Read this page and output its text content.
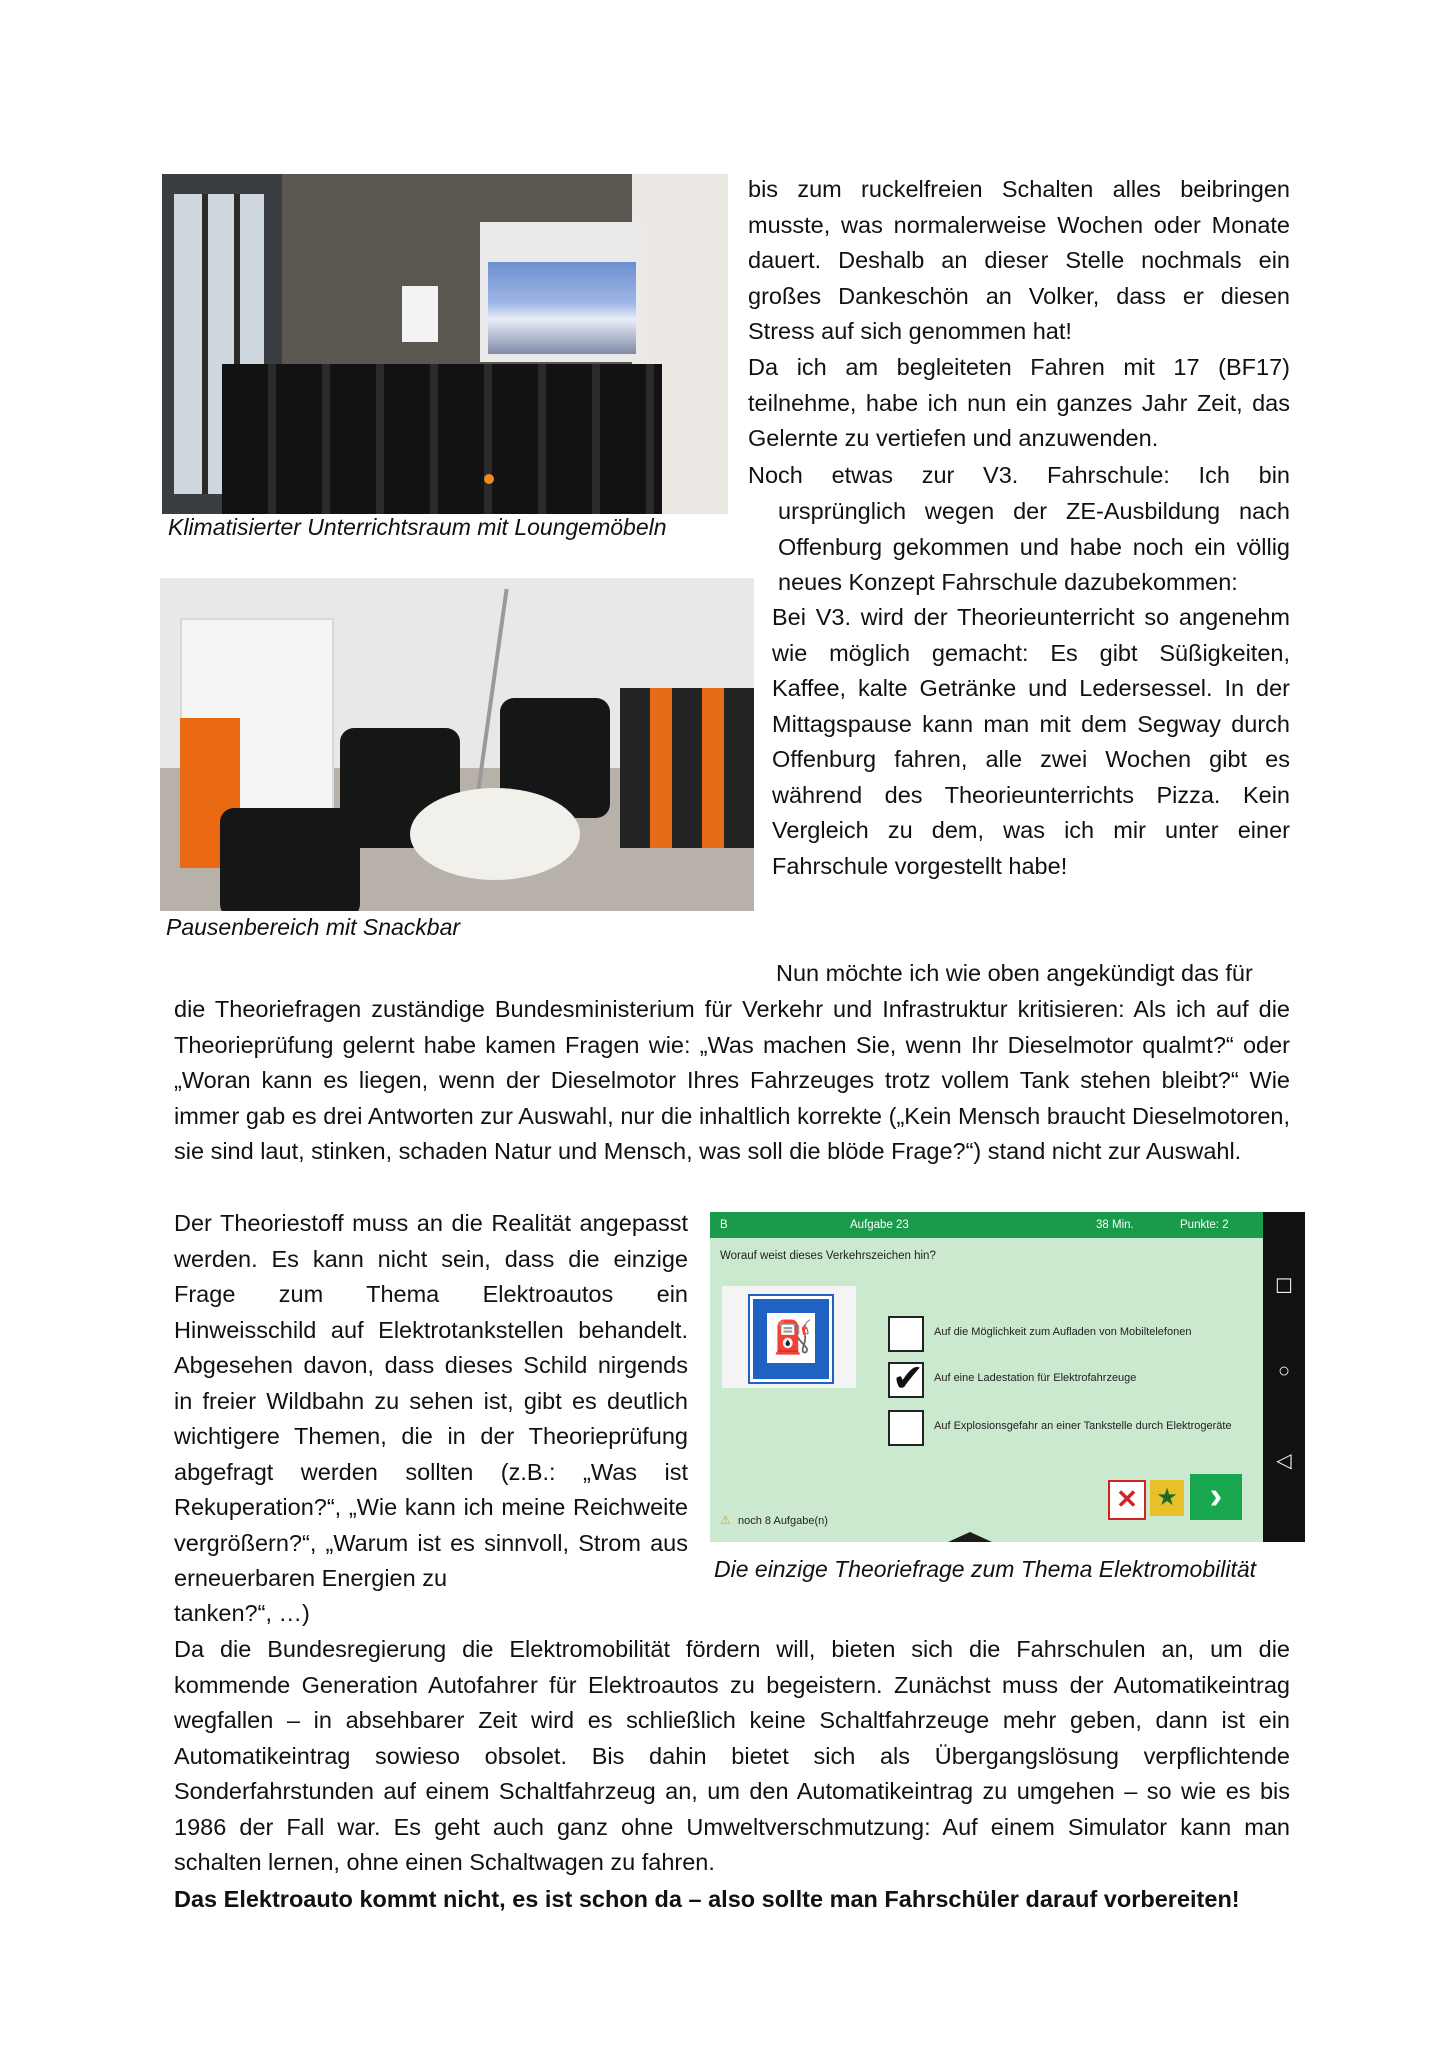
Klimatisierter Unterrichtsraum mit Loungemöbeln

Pausenbereich mit Snackbar

bis zum ruckelfreien Schalten alles beibringen musste, was normalerweise Wochen oder Monate dauert. Deshalb an dieser Stelle nochmals ein großes Dankeschön an Volker, dass er diesen Stress auf sich genommen hat!

Da ich am begleiteten Fahren mit 17 (BF17) teilnehme, habe ich nun ein ganzes Jahr Zeit, das Gelernte zu vertiefen und anzuwenden.

Noch etwas zur V3. Fahrschule: Ich bin

ursprünglich wegen der ZE-Ausbildung nach Offenburg gekommen und habe noch ein völlig neues Konzept Fahrschule dazubekommen:

Bei V3. wird der Theorieunterricht so angenehm wie möglich gemacht: Es gibt Süßigkeiten, Kaffee, kalte Getränke und Ledersessel. In der Mittagspause kann man mit dem Segway durch Offenburg fahren, alle zwei Wochen gibt es während des Theorieunterrichts Pizza. Kein Vergleich zu dem, was ich mir unter einer Fahrschule vorgestellt habe!

Nun möchte ich wie oben angekündigt das für

die Theoriefragen zuständige Bundesministerium für Verkehr und Infrastruktur kritisieren: Als ich auf die Theorieprüfung gelernt habe kamen Fragen wie: „Was machen Sie, wenn Ihr Dieselmotor qualmt?“ oder „Woran kann es liegen, wenn der Dieselmotor Ihres Fahrzeuges trotz vollem Tank stehen bleibt?“ Wie immer gab es drei Antworten zur Auswahl, nur die inhaltlich korrekte („Kein Mensch braucht Dieselmotoren, sie sind laut, stinken, schaden Natur und Mensch, was soll die blöde Frage?“) stand nicht zur Auswahl.

Der Theoriestoff muss an die Realität angepasst werden. Es kann nicht sein, dass die einzige Frage zum Thema Elektroautos ein Hinweisschild auf Elektrotankstellen behandelt. Abgesehen davon, dass dieses Schild nirgends in freier Wildbahn zu sehen ist, gibt es deutlich wichtigere Themen, die in der Theorieprüfung abgefragt werden sollten (z.B.: „Was ist Rekuperation?“, „Wie kann ich meine Reichweite vergrößern?“, „Warum ist es sinnvoll, Strom aus erneuerbaren Energien zu

tanken?“, …)

B	Aufgabe 23	38 Min.	Punkte: 2
Worauf weist dieses Verkehrszeichen hin?
⛽	Auf die Möglichkeit zum Aufladen von Mobiltelefonen
✔ Auf eine Ladestation für Elektrofahrzeuge
Auf Explosionsgefahr an einer Tankstelle durch Elektrogeräte
✕ ★ ›
⚠ noch 8 Aufgabe(n)
☐
○
◁

Die einzige Theoriefrage zum Thema Elektromobilität

Da die Bundesregierung die Elektromobilität fördern will, bieten sich die Fahrschulen an, um die kommende Generation Autofahrer für Elektroautos zu begeistern. Zunächst muss der Automatikeintrag wegfallen – in absehbarer Zeit wird es schließlich keine Schaltfahrzeuge mehr geben, dann ist ein Automatikeintrag sowieso obsolet. Bis dahin bietet sich als Übergangslösung verpflichtende Sonderfahrstunden auf einem Schaltfahrzeug an, um den Automatikeintrag zu umgehen – so wie es bis 1986 der Fall war. Es geht auch ganz ohne Umweltverschmutzung: Auf einem Simulator kann man schalten lernen, ohne einen Schaltwagen zu fahren.

Das Elektroauto kommt nicht, es ist schon da – also sollte man Fahrschüler darauf vorbereiten!
